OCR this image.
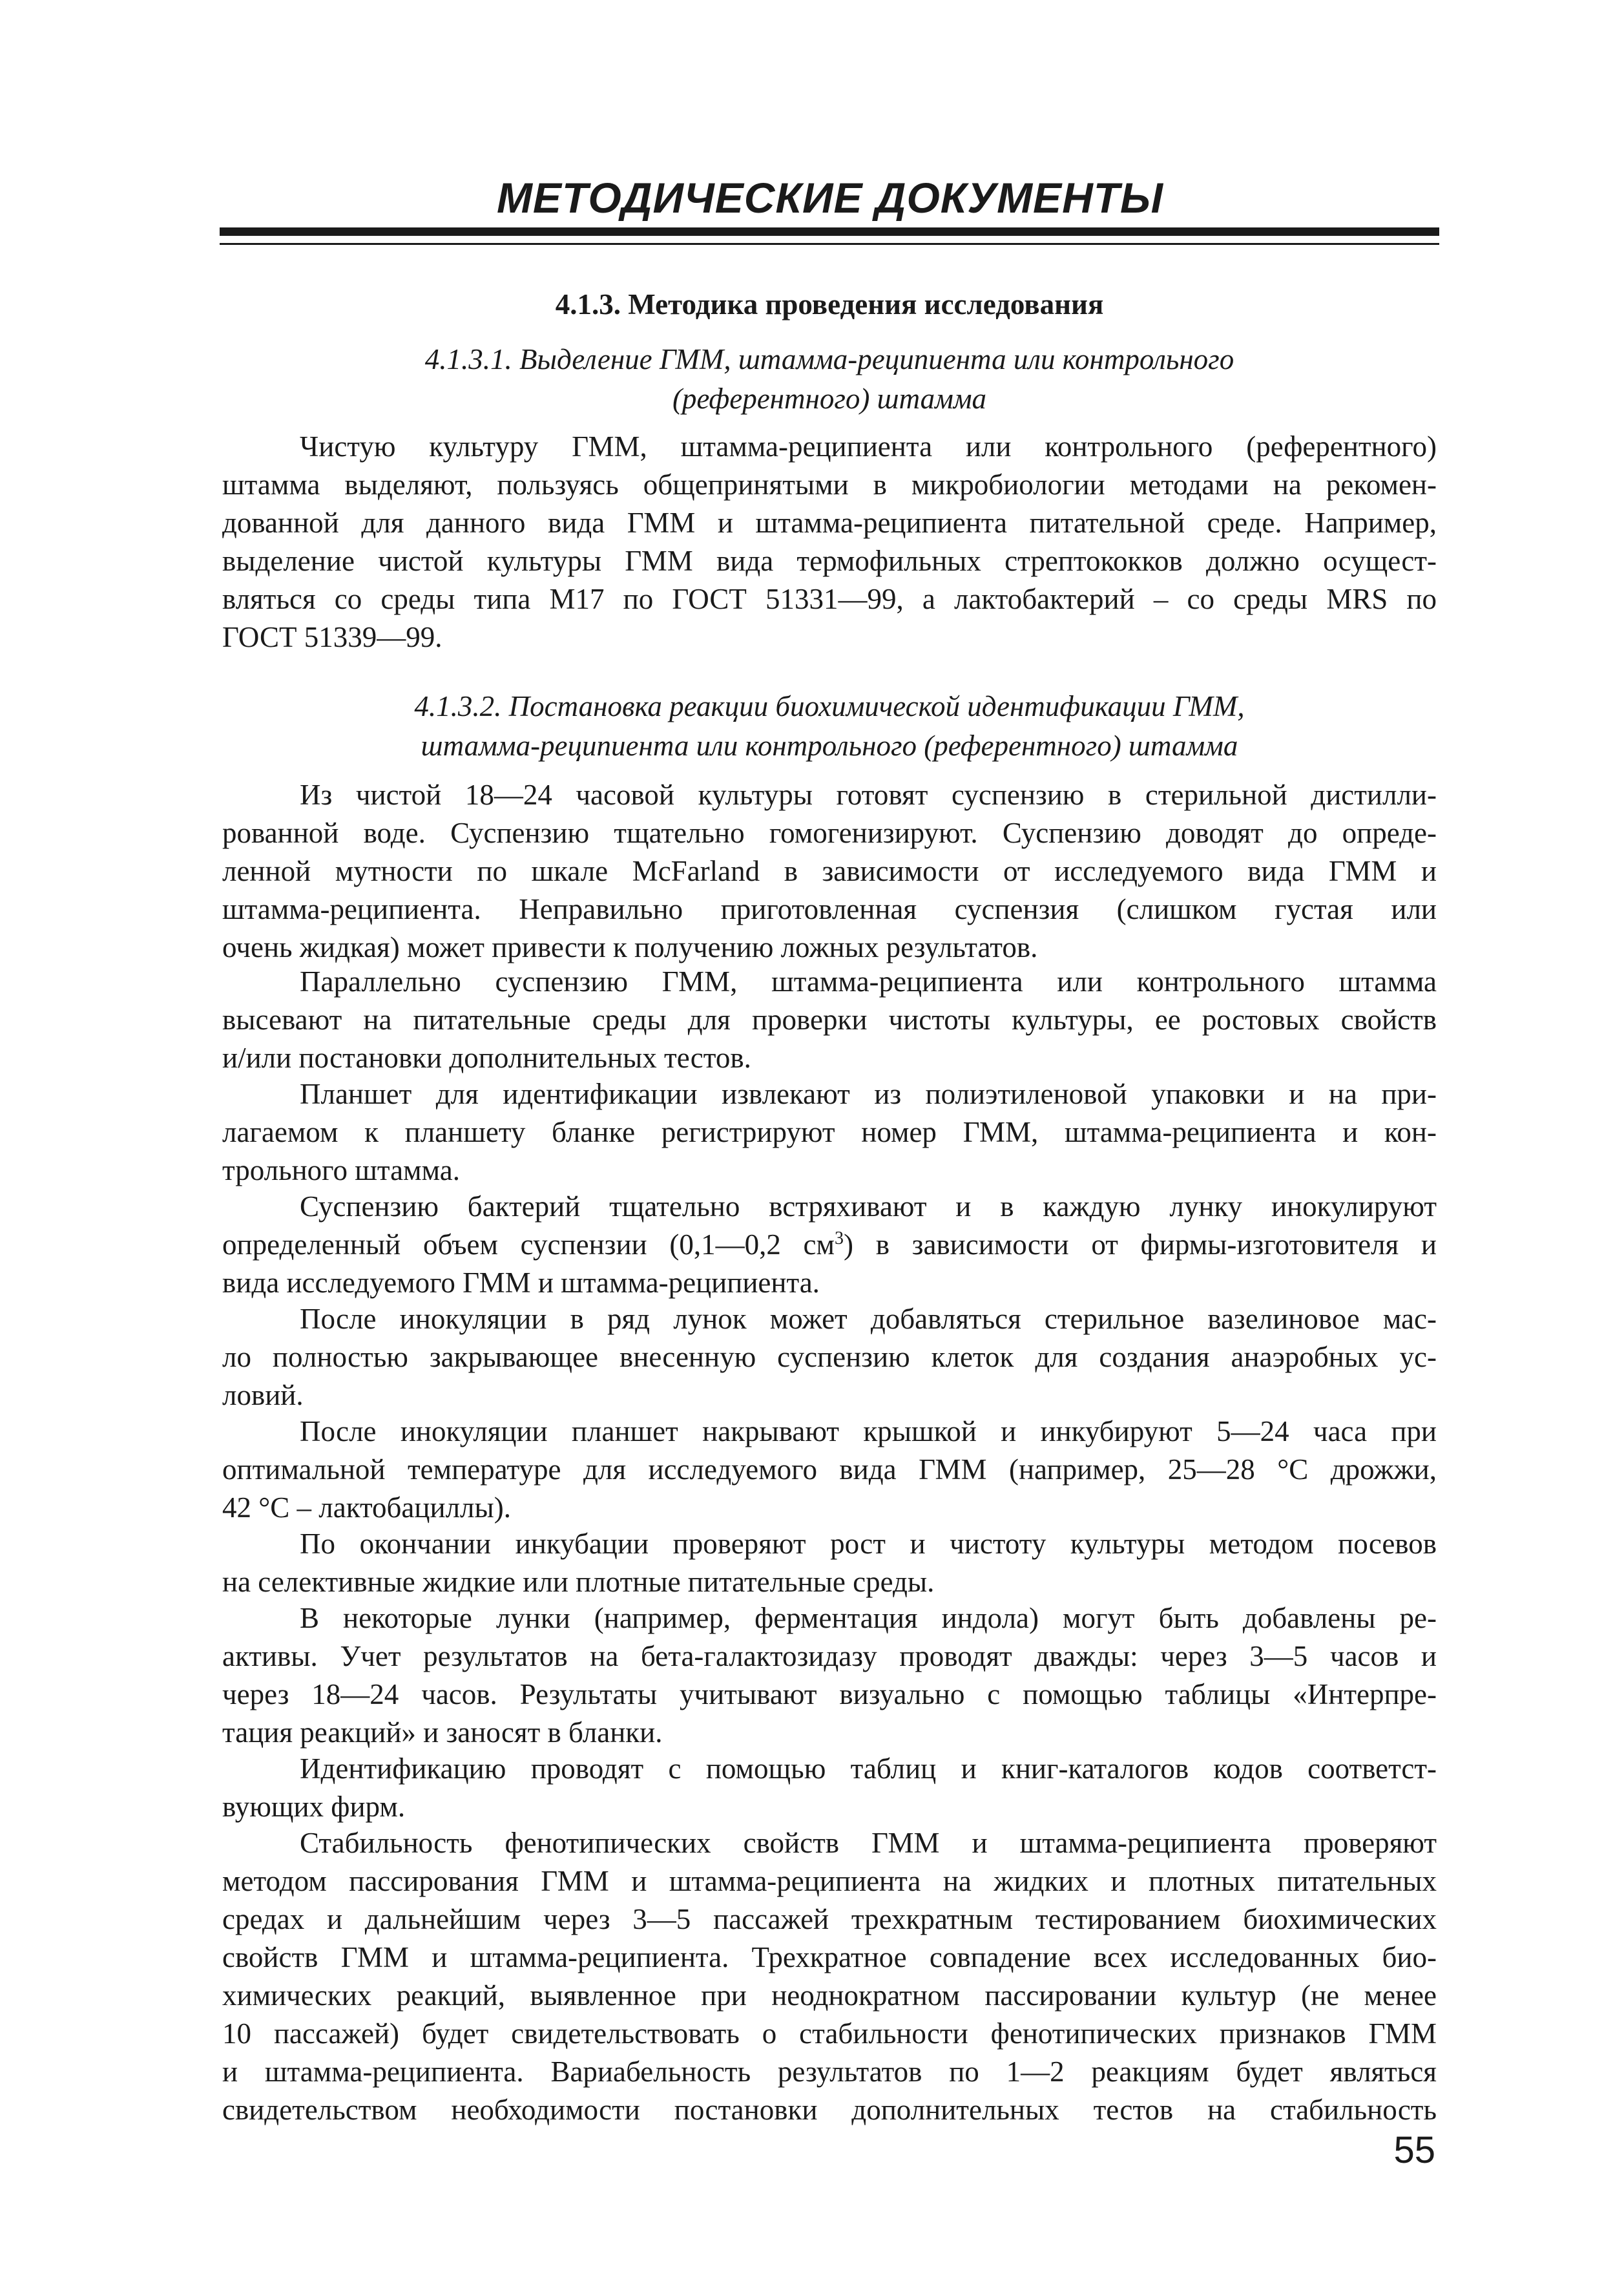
МЕТОДИЧЕСКИЕ ДОКУМЕНТЫ
4.1.3. Методика проведения исследования
4.1.3.1. Выделение ГММ, штамма-реципиента или контрольного
(референтного) штамма
Чистую культуру ГММ, штамма-реципиента или контрольного (референтного)
штамма выделяют, пользуясь общепринятыми в микробиологии методами на рекомен-
дованной для данного вида ГММ и штамма-реципиента питательной среде. Например,
выделение чистой культуры ГММ вида термофильных стрептококков должно осущест-
вляться со среды типа М17 по ГОСТ 51331—99, а лактобактерий – со среды MRS по
ГОСТ 51339—99.
4.1.3.2. Постановка реакции биохимической идентификации ГММ,
штамма-реципиента или контрольного (референтного) штамма
Из чистой 18—24 часовой культуры готовят суспензию в стерильной дистилли-
рованной воде. Суспензию тщательно гомогенизируют. Суспензию доводят до опреде-
ленной мутности по шкале McFarland в зависимости от исследуемого вида ГММ и
штамма-реципиента. Неправильно приготовленная суспензия (слишком густая или
очень жидкая) может привести к получению ложных результатов.
Параллельно суспензию ГММ, штамма-реципиента или контрольного штамма
высевают на питательные среды для проверки чистоты культуры, ее ростовых свойств
и/или постановки дополнительных тестов.
Планшет для идентификации извлекают из полиэтиленовой упаковки и на при-
лагаемом к планшету бланке регистрируют номер ГММ, штамма-реципиента и кон-
трольного штамма.
Суспензию бактерий тщательно встряхивают и в каждую лунку инокулируют
определенный объем суспензии (0,1—0,2 $см^3$) в зависимости от фирмы-изготовителя и
вида исследуемого ГММ и штамма-реципиента.
После инокуляции в ряд лунок может добавляться стерильное вазелиновое мас-
ло полностью закрывающее внесенную суспензию клеток для создания анаэробных ус-
ловий.
После инокуляции планшет накрывают крышкой и инкубируют 5—24 часа при
оптимальной температуре для исследуемого вида ГММ (например, 25—28 °С дрожжи,
42 °С – лактобациллы).
По окончании инкубации проверяют рост и чистоту культуры методом посевов
на селективные жидкие или плотные питательные среды.
В некоторые лунки (например, ферментация индола) могут быть добавлены ре-
активы. Учет результатов на бета-галактозидазу проводят дважды: через 3—5 часов и
через 18—24 часов. Результаты учитывают визуально с помощью таблицы «Интерпре-
тация реакций» и заносят в бланки.
Идентификацию проводят с помощью таблиц и книг-каталогов кодов соответст-
вующих фирм.
Стабильность фенотипических свойств ГММ и штамма-реципиента проверяют
методом пассирования ГММ и штамма-реципиента на жидких и плотных питательных
средах и дальнейшим через 3—5 пассажей трехкратным тестированием биохимических
свойств ГММ и штамма-реципиента. Трехкратное совпадение всех исследованных био-
химических реакций, выявленное при неоднократном пассировании культур (не менее
10 пассажей) будет свидетельствовать о стабильности фенотипических признаков ГММ
и штамма-реципиента. Вариабельность результатов по 1—2 реакциям будет являться
свидетельством необходимости постановки дополнительных тестов на стабильность
55
